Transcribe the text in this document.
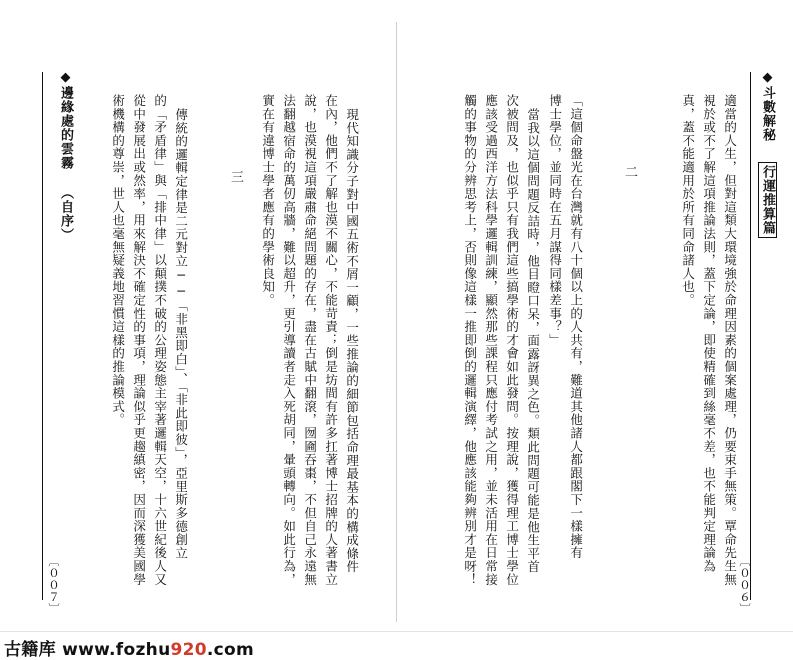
◆斗數解秘 行運推算篇
適當的人生，但對這類大環境強於命理因素的個案處理，仍要束手無策。覃命先生無
視於或不了解這項推論法則，蓋下定論，即使精確到絲毫不差，也不能判定理論為
真，蓋不能適用於所有同命諸人也。
二
「這個命盤光在台灣就有八十個以上的人共有，難道其他諸人都跟閣下一樣擁有
博士學位，並同時在五月謀得同樣差事？」
當我以這個問題反詰時，他目瞪口呆，面露訝異之色。類此問題可能是他生平首
次被問及，也似乎只有我們這些搞學術的才會如此發問。按理說，獲得理工博士學位
應該受過西洋方法科學邏輯訓練，顯然那些課程只應付考試之用，並未活用在日常接
觸的事物的分辨思考上，否則像這樣一推即倒的邏輯演繹，他應該能夠辨別才是呀！	〔００６〕
◆邊緣處的雲霧 （自序）	實在有違博士學者應有的學術良知。 法翻越宿命的萬仞高牆，難以超升，更引導讀者走入死胡同，暈頭轉向。如此行為， 說，也漠視這項嚴肅命絕問題的存在，盡在古賦中翻滾，囫圇吞棗，不但自己永遠無 在內，他們不了解也漠不關心，不能苛責；倒是坊間有許多扛著博士招牌的人著書立 現代知識分子對中國五術不屑一顧，一些推論的細節包括命理最基本的構成條件
三
傳統的邏輯定律是二元對立──「非黑即白」、「非此即彼」，亞里斯多德創立
的「矛盾律」與「排中律」以顛撲不破的公理姿態主宰著邏輯天空，十六世紀後人又
從中發展出或然率，用來解決不確定性的事項，理論似乎更趨縝密，因而深獲美國學
術機構的尊崇，世人也毫無疑義地習慣這樣的推論模式。
〔００７〕
古籍库 www.fozhu920.com
